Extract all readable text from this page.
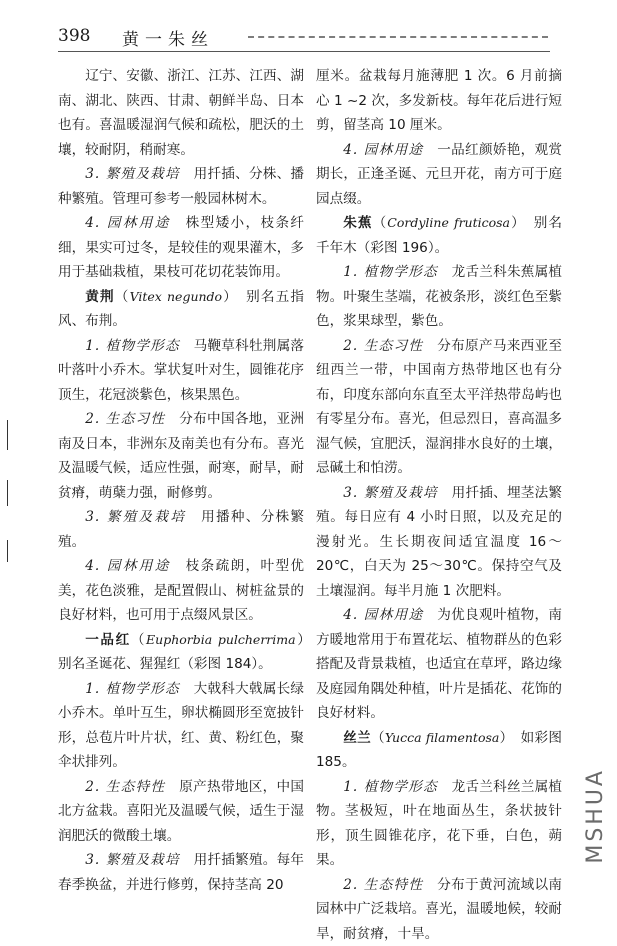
398 黄一朱丝

辽宁、安徽、浙江、江苏、江西、湖南、湖北、陕西、甘肃、朝鲜半岛、日本也有。喜温暖湿润气候和疏松，肥沃的土壤，较耐阴，稍耐寒。

3. 繁殖及栽培　 用扦插、分株、播种繁殖。管理可参考一般园林树木。

4. 园林用途　 株型矮小，枝条纤细，果实可过冬，是较佳的观果灌木，多用于基础栽植，果枝可花切花装饰用。

黄荆（Vitex negundo）　别名五指风、布荆。

1. 植物学形态　 马鞭草科牡荆属落叶落叶小乔木。掌状复叶对生，圆锥花序顶生，花冠淡紫色，核果黑色。

2. 生态习性　 分布中国各地，亚洲南及日本，非洲东及南美也有分布。喜光及温暖气候，适应性强，耐寒，耐旱，耐贫瘠，萌蘖力强，耐修剪。

3. 繁殖及栽培　 用播种、分株繁殖。

4. 园林用途　 枝条疏朗，叶型优美，花色淡雅，是配置假山、树桩盆景的良好材料，也可用于点缀风景区。

一品红（Euphorbia pulcherrima）　别名圣诞花、猩猩红（彩图 184）。

1. 植物学形态　 大戟科大戟属长绿小乔木。单叶互生，卵状椭圆形至宽披针形，总苞片叶片状，红、黄、粉红色，聚伞状排列。

2. 生态特性　 原产热带地区，中国北方盆栽。喜阳光及温暖气候，适生于湿润肥沃的微酸土壤。

3. 繁殖及栽培　 用扦插繁殖。每年春季换盆，并进行修剪，保持茎高 20

厘米。盆栽每月施薄肥 1 次。6 月前摘心 1 ~2 次，多发新枝。每年花后进行短剪，留茎高 10 厘米。

4. 园林用途　 一品红颜娇艳，观赏期长，正逢圣诞、元旦开花，南方可于庭园点缀。

朱蕉（Cordyline fruticosa）　别名千年木（彩图 196）。

1. 植物学形态　 龙舌兰科朱蕉属植物。叶聚生茎端，花被条形，淡红色至紫色，浆果球型，紫色。

2. 生态习性　 分布原产马来西亚至纽西兰一带，中国南方热带地区也有分布，印度东部向东直至太平洋热带岛屿也有零星分布。喜光，但忌烈日，喜高温多湿气候，宜肥沃，湿润排水良好的土壤，忌碱土和怕涝。

3. 繁殖及栽培　 用扦插、埋茎法繁殖。每日应有 4 小时日照，以及充足的漫射光。生长期夜间适宜温度 16～20℃，白天为 25～30℃。保持空气及土壤湿润。每半月施 1 次肥料。

4. 园林用途　 为优良观叶植物，南方暖地常用于布置花坛、植物群丛的色彩搭配及背景栽植，也适宜在草坪，路边缘及庭园角隅处种植，叶片是插花、花饰的良好材料。

丝兰（Yucca filamentosa）　如彩图 185。

1. 植物学形态　 龙舌兰科丝兰属植物。茎极短，叶在地面丛生，条状披针形，顶生圆锥花序，花下垂，白色，蒴果。

2. 生态特性　 分布于黄河流域以南园林中广泛栽培。喜光，温暖地候，较耐旱，耐贫瘠，十旱。

MSHUA
